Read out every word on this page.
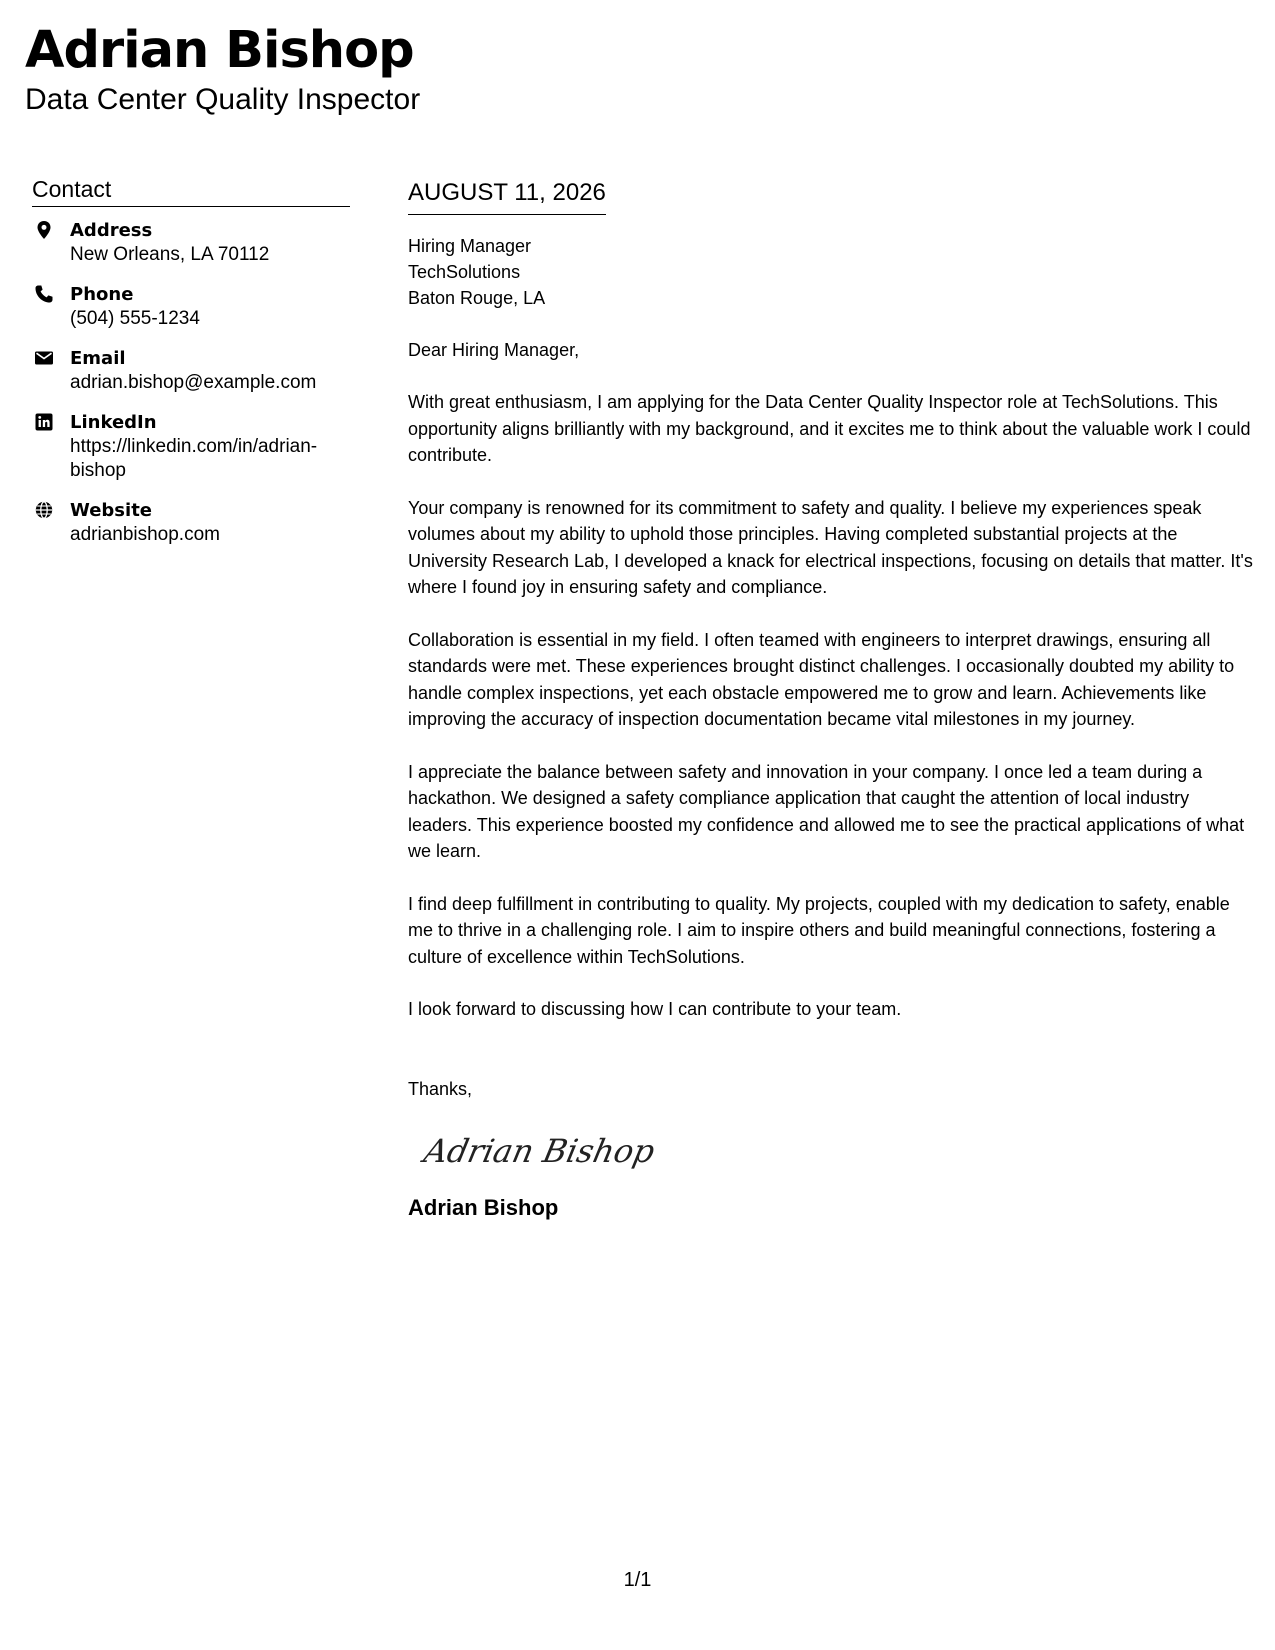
Adrian Bishop
Data Center Quality Inspector
Contact
Address
New Orleans, LA 70112
Phone
(504) 555-1234
Email
adrian.bishop@example.com
LinkedIn
https://linkedin.com/in/adrian-bishop
Website
adrianbishop.com
AUGUST 11, 2026
Hiring Manager
TechSolutions
Baton Rouge, LA

Dear Hiring Manager,

With great enthusiasm, I am applying for the Data Center Quality Inspector role at TechSolutions. This opportunity aligns brilliantly with my background, and it excites me to think about the valuable work I could contribute.

Your company is renowned for its commitment to safety and quality. I believe my experiences speak volumes about my ability to uphold those principles. Having completed substantial projects at the University Research Lab, I developed a knack for electrical inspections, focusing on details that matter. It's where I found joy in ensuring safety and compliance.

Collaboration is essential in my field. I often teamed with engineers to interpret drawings, ensuring all standards were met. These experiences brought distinct challenges. I occasionally doubted my ability to handle complex inspections, yet each obstacle empowered me to grow and learn. Achievements like improving the accuracy of inspection documentation became vital milestones in my journey.

I appreciate the balance between safety and innovation in your company. I once led a team during a hackathon. We designed a safety compliance application that caught the attention of local industry leaders. This experience boosted my confidence and allowed me to see the practical applications of what we learn.

I find deep fulfillment in contributing to quality. My projects, coupled with my dedication to safety, enable me to thrive in a challenging role. I aim to inspire others and build meaningful connections, fostering a culture of excellence within TechSolutions.

I look forward to discussing how I can contribute to your team.

Thanks,

Adrian Bishop
Adrian Bishop
1/1
